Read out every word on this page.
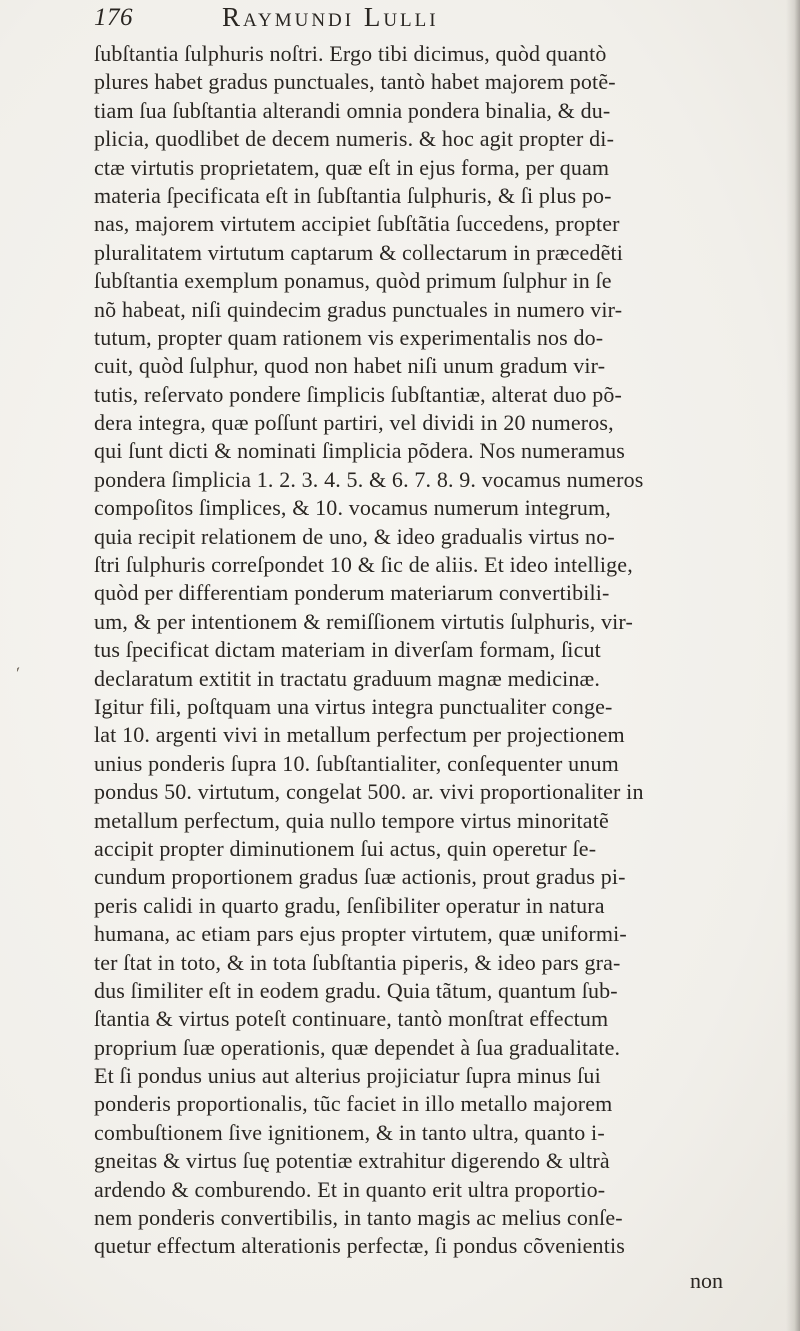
176	Raymundi Lulli
ſubſtantia ſulphuris noſtri. Ergo tibi dicimus, quòd quantò
plures habet gradus punctuales, tantò habet majorem potẽ-
tiam ſua ſubſtantia alterandi omnia pondera binalia, & du-
plicia, quodlibet de decem numeris. & hoc agit propter di-
ctæ virtutis proprietatem, quæ eſt in ejus forma, per quam
materia ſpecificata eſt in ſubſtantia ſulphuris, & ſi plus po-
nas, majorem virtutem accipiet ſubſtãtia ſuccedens, propter
pluralitatem virtutum captarum & collectarum in præcedẽti
ſubſtantia exemplum ponamus, quòd primum ſulphur in ſe
nõ habeat, niſi quindecim gradus punctuales in numero vir-
tutum, propter quam rationem vis experimentalis nos do-
cuit, quòd ſulphur, quod non habet niſi unum gradum vir-
tutis, reſervato pondere ſimplicis ſubſtantiæ, alterat duo põ-
dera integra, quæ poſſunt partiri, vel dividi in 20 numeros,
qui ſunt dicti & nominati ſimplicia põdera. Nos numeramus
pondera ſimplicia 1. 2. 3. 4. 5. & 6. 7. 8. 9. vocamus numeros
compoſitos ſimplices, & 10. vocamus numerum integrum,
quia recipit relationem de uno, & ideo gradualis virtus no-
ſtri ſulphuris correſpondet 10 & ſic de aliis. Et ideo intellige,
quòd per differentiam ponderum materiarum convertibili-
um, & per intentionem & remiſſionem virtutis ſulphuris, vir-
tus ſpecificat dictam materiam in diverſam formam, ſicut
declaratum extitit in tractatu graduum magnæ medicinæ.
Igitur fili, poſtquam una virtus integra punctualiter conge-
lat 10. argenti vivi in metallum perfectum per projectionem
unius ponderis ſupra 10. ſubſtantialiter, conſequenter unum
pondus 50. virtutum, congelat 500. ar. vivi proportionaliter in
metallum perfectum, quia nullo tempore virtus minoritatẽ
accipit propter diminutionem ſui actus, quin operetur ſe-
cundum proportionem gradus ſuæ actionis, prout gradus pi-
peris calidi in quarto gradu, ſenſibiliter operatur in natura
humana, ac etiam pars ejus propter virtutem, quæ uniformi-
ter ſtat in toto, & in tota ſubſtantia piperis, & ideo pars gra-
dus ſimiliter eſt in eodem gradu. Quia tãtum, quantum ſub-
ſtantia & virtus poteſt continuare, tantò monſtrat effectum
proprium ſuæ operationis, quæ dependet à ſua gradualitate.
Et ſi pondus unius aut alterius projiciatur ſupra minus ſui
ponderis proportionalis, tũc faciet in illo metallo majorem
combuſtionem ſive ignitionem, & in tanto ultra, quanto i-
gneitas & virtus ſuę potentiæ extrahitur digerendo & ultrà
ardendo & comburendo. Et in quanto erit ultra proportio-
nem ponderis convertibilis, in tanto magis ac melius conſe-
quetur effectum alterationis perfectæ, ſi pondus cõvenientis
non
ˊ
